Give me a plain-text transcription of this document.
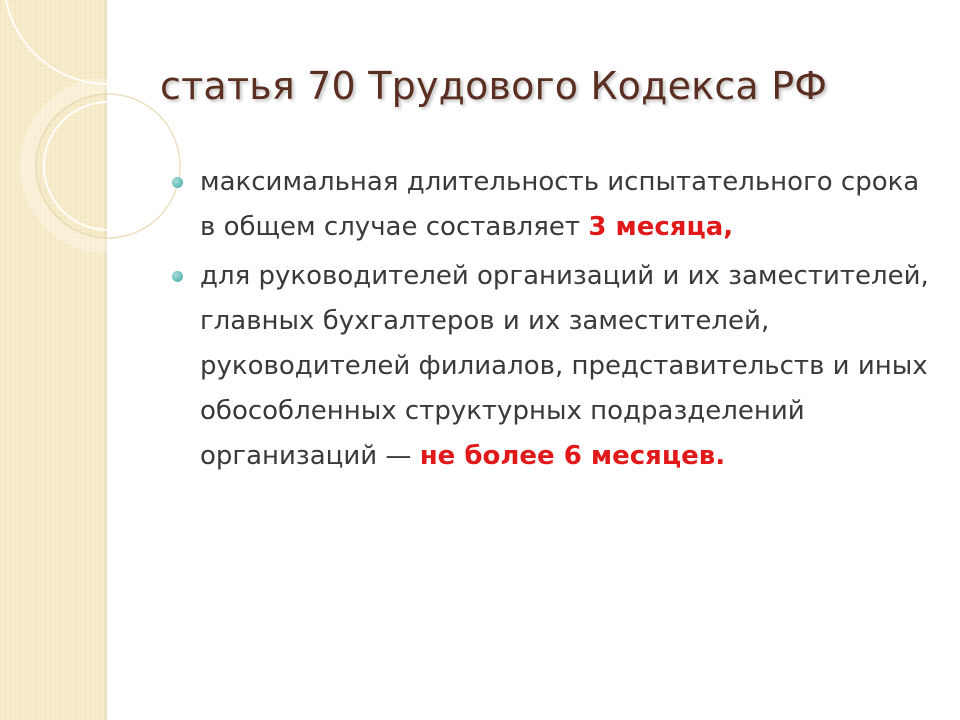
статья 70 Трудового Кодекса РФ
максимальная длительность испытательного срока в общем случае составляет 3 месяца,
для руководителей организаций и их заместителей, главных бухгалтеров и их заместителей, руководителей филиалов, представительств и иных обособленных структурных подразделений организаций — не более 6 месяцев.
